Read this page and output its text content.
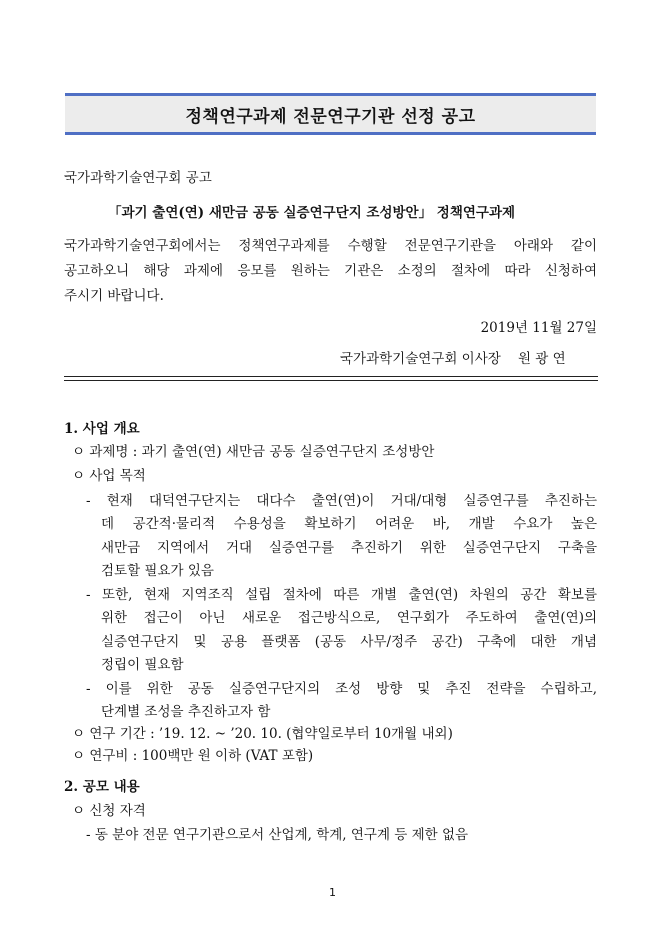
정책연구과제 전문연구기관 선정 공고
국가과학기술연구회 공고
「과기 출연(연) 새만금 공동 실증연구단지 조성방안」 정책연구과제
국가과학기술연구회에서는 정책연구과제를 수행할 전문연구기관을 아래와 같이
공고하오니 해당 과제에 응모를 원하는 기관은 소정의 절차에 따라 신청하여
주시기 바랍니다.
2019년 11월 27일
국가과학기술연구회 이사장    원 광 연
1. 사업 개요
ㅇ 과제명 : 과기 출연(연) 새만금 공동 실증연구단지 조성방안
ㅇ 사업 목적
- 현재 대덕연구단지는 대다수 출연(연)이 거대/대형 실증연구를 추진하는
데 공간적·물리적 수용성을 확보하기 어려운 바, 개발 수요가 높은
새만금 지역에서 거대 실증연구를 추진하기 위한 실증연구단지 구축을
검토할 필요가 있음
- 또한, 현재 지역조직 설립 절차에 따른 개별 출연(연) 차원의 공간 확보를
위한 접근이 아닌 새로운 접근방식으로, 연구회가 주도하여 출연(연)의
실증연구단지 및 공용 플랫폼 (공동 사무/정주 공간) 구축에 대한 개념
정립이 필요함
- 이를 위한 공동 실증연구단지의 조성 방향 및 추진 전략을 수립하고,
단계별 조성을 추진하고자 함
ㅇ 연구 기간 : ’19. 12. ~ ’20. 10. (협약일로부터 10개월 내외)
ㅇ 연구비 : 100백만 원 이하 (VAT 포함)
2. 공모 내용
ㅇ 신청 자격
- 동 분야 전문 연구기관으로서 산업계, 학계, 연구계 등 제한 없음
1
